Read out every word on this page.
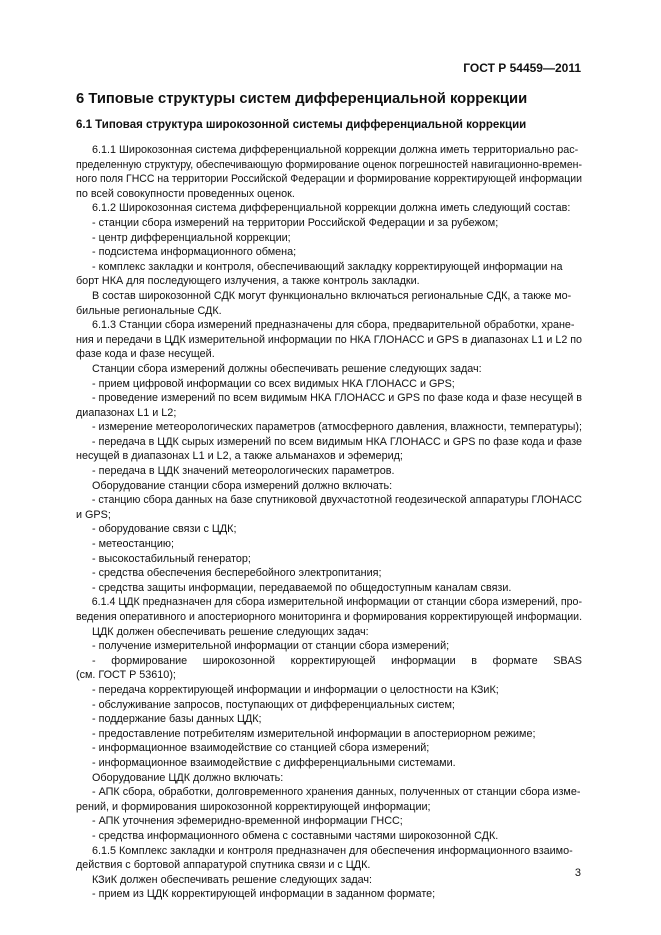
ГОСТ Р 54459—2011
6 Типовые структуры систем дифференциальной коррекции
6.1 Типовая структура широкозонной системы дифференциальной коррекции
6.1.1 Широкозонная система дифференциальной коррекции должна иметь территориально рас-
пределенную структуру, обеспечивающую формирование оценок погрешностей навигационно-времен-
ного поля ГНСС на территории Российской Федерации и формирование корректирующей информации
по всей совокупности проведенных оценок.
6.1.2 Широкозонная система дифференциальной коррекции должна иметь следующий состав:
- станции сбора измерений на территории Российской Федерации и за рубежом;
- центр дифференциальной коррекции;
- подсистема информационного обмена;
- комплекс закладки и контроля, обеспечивающий закладку корректирующей информации на
борт НКА для последующего излучения, а также контроль закладки.
В состав широкозонной СДК могут функционально включаться региональные СДК, а также мо-
бильные региональные СДК.
6.1.3 Станции сбора измерений предназначены для сбора, предварительной обработки, хране-
ния и передачи в ЦДК измерительной информации по НКА ГЛОНАСС и GPS в диапазонах L1 и L2 по
фазе кода и фазе несущей.
Станции сбора измерений должны обеспечивать решение следующих задач:
- прием цифровой информации со всех видимых НКА ГЛОНАСС и GPS;
- проведение измерений по всем видимым НКА ГЛОНАСС и GPS по фазе кода и фазе несущей в
диапазонах L1 и L2;
- измерение метеорологических параметров (атмосферного давления, влажности, температуры);
- передача в ЦДК сырых измерений по всем видимым НКА ГЛОНАСС и GPS по фазе кода и фазе
несущей в диапазонах L1 и L2, а также альманахов и эфемерид;
- передача в ЦДК значений метеорологических параметров.
Оборудование станции сбора измерений должно включать:
- станцию сбора данных на базе спутниковой двухчастотной геодезической аппаратуры ГЛОНАСС
и GPS;
- оборудование связи с ЦДК;
- метеостанцию;
- высокостабильный генератор;
- средства обеспечения бесперебойного электропитания;
- средства защиты информации, передаваемой по общедоступным каналам связи.
6.1.4 ЦДК предназначен для сбора измерительной информации от станции сбора измерений, про-
ведения оперативного и апостериорного мониторинга и формирования корректирующей информации.
ЦДК должен обеспечивать решение следующих задач:
- получение измерительной информации от станции сбора измерений;
- формирование широкозонной корректирующей информации в формате SBAS
(см. ГОСТ Р 53610);
- передача корректирующей информации и информации о целостности на КЗиК;
- обслуживание запросов, поступающих от дифференциальных систем;
- поддержание базы данных ЦДК;
- предоставление потребителям измерительной информации в апостериорном режиме;
- информационное взаимодействие со станцией сбора измерений;
- информационное взаимодействие с дифференциальными системами.
Оборудование ЦДК должно включать:
- АПК сбора, обработки, долговременного хранения данных, полученных от станции сбора изме-
рений, и формирования широкозонной корректирующей информации;
- АПК уточнения эфемеридно-временной информации ГНСС;
- средства информационного обмена с составными частями широкозонной СДК.
6.1.5 Комплекс закладки и контроля предназначен для обеспечения информационного взаимо-
действия с бортовой аппаратурой спутника связи и с ЦДК.
КЗиК должен обеспечивать решение следующих задач:
- прием из ЦДК корректирующей информации в заданном формате;
3
